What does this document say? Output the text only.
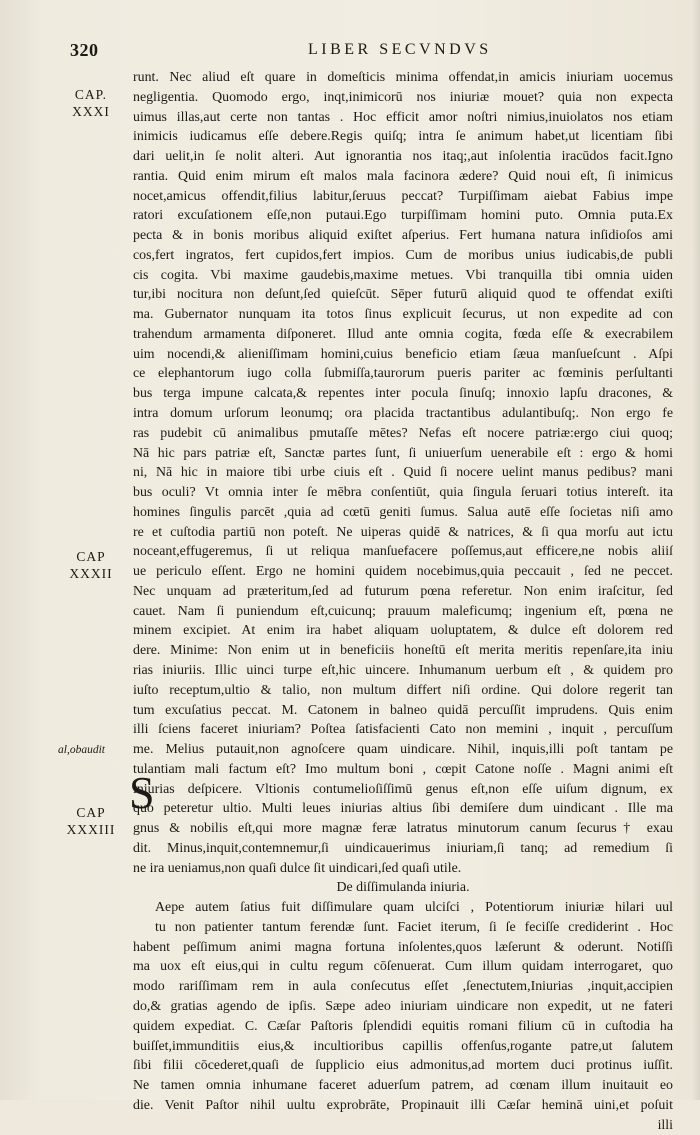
320	LIBER SECVNDVS
CAP.
XXXI
CAP
XXXII
al,obaudit
CAP
XXXIII
runt. Nec aliud eſt quare in domeſticis minima offendat,in amicis iniuriam uocemus
negligentia. Quomodo ergo, inqt,inimicorū nos iniuriæ mouet? quia non expecta
uimus illas,aut certe non tantas . Hoc efficit amor noſtri nimius,inuiolatos nos etiam
inimicis iudicamus eſſe debere.Regis quiſq; intra ſe animum habet,ut licentiam ſibi
dari uelit,in ſe nolit alteri. Aut ignorantia nos itaq;,aut inſolentia iracūdos facit.Igno
rantia. Quid enim mirum eſt malos mala facinora ædere? Quid noui eſt, ſi inimicus
nocet,amicus offendit,filius labitur,ſeruus peccat? Turpiſſimam aiebat Fabius impe
ratori excuſationem eſſe,non putaui.Ego turpiſſimam homini puto. Omnia puta.Ex
pecta & in bonis moribus aliquid exiſtet aſperius. Fert humana natura inſidioſos ami
cos,fert ingratos, fert cupidos,fert impios. Cum de moribus unius iudicabis,de publi
cis cogita. Vbi maxime gaudebis,maxime metues. Vbi tranquilla tibi omnia uiden
tur,ibi nocitura non deſunt,ſed quieſcūt. Sēper futurū aliquid quod te offendat exiſti
ma. Gubernator nunquam ita totos ſinus explicuit ſecurus, ut non expedite ad con
trahendum armamenta diſponeret. Illud ante omnia cogita, fœda eſſe & execrabilem
uim nocendi,& alieniſſimam homini,cuius beneficio etiam ſæua manſueſcunt . Aſpi
ce elephantorum iugo colla ſubmiſſa,taurorum pueris pariter ac fœminis perſultanti
bus terga impune calcata,& repentes inter pocula ſinuſq; innoxio lapſu dracones, &
intra domum urſorum leonumq; ora placida tractantibus adulantibuſq;. Non ergo fe
ras pudebit cū animalibus pmutaſſe mētes? Nefas eſt nocere patriæ:ergo ciui quoq;
Nā hic pars patriæ eſt, Sanctæ partes ſunt, ſi uniuerſum uenerabile eſt : ergo & homi
ni, Nā hic in maiore tibi urbe ciuis eſt . Quid ſi nocere uelint manus pedibus? mani
bus oculi? Vt omnia inter ſe mēbra conſentiūt, quia ſingula ſeruari totius intereſt. ita
homines ſingulis parcēt ,quia ad cœtū geniti ſumus. Salua autē eſſe ſocietas niſi amo
re et cuſtodia partiū non poteſt. Ne uiperas quidē & natrices, & ſi qua morſu aut ictu
noceant,effugeremus, ſi ut reliqua manſuefacere poſſemus,aut efficere,ne nobis aliiſ
ue periculo eſſent. Ergo ne homini quidem nocebimus,quia peccauit , ſed ne peccet.
Nec unquam ad præteritum,ſed ad futurum pœna referetur. Non enim iraſcitur, ſed
cauet. Nam ſi puniendum eſt,cuicunq; prauum maleficumq; ingenium eſt, pœna ne
minem excipiet. At enim ira habet aliquam uoluptatem, & dulce eſt dolorem red
dere. Minime: Non enim ut in beneficiis honeſtū eſt merita meritis repenſare,ita iniu
rias iniuriis. Illic uinci turpe eſt,hic uincere. Inhumanum uerbum eſt , & quidem pro
iuſto receptum,ultio & talio, non multum differt niſi ordine. Qui dolore regerit tan
tum excuſatius peccat. M. Catonem in balneo quidā percuſſit imprudens. Quis enim
illi ſciens faceret iniuriam? Poſtea ſatisfacienti Cato non memini , inquit , percuſſum
me. Melius putauit,non agnoſcere quam uindicare. Nihil, inquis,illi poſt tantam pe
tulantiam mali factum eſt? Imo multum boni , cœpit Catone noſſe . Magni animi eſt
iniurias deſpicere. Vltionis contumelioſiſſimū genus eſt,non eſſe uiſum dignum, ex
quo peteretur ultio. Multi leues iniurias altius ſibi demiſere dum uindicant . Ille ma
gnus & nobilis eſt,qui more magnæ feræ latratus minutorum canum ſecurus† exau
dit. Minus,inquit,contemnemur,ſi uindicauerimus iniuriam,ſi tanq; ad remedium ſi
ne ira ueniamus,non quaſi dulce ſit uindicari,ſed quaſi utile.
De diſſimulanda iniuria.
Aepe autem ſatius fuit diſſimulare quam ulciſci , Potentiorum iniuriæ hilari uul
tu non patienter tantum ferendæ ſunt. Faciet iterum, ſi ſe feciſſe crediderint . Hoc
habent peſſimum animi magna fortuna inſolentes,quos læſerunt & oderunt. Notiſſi
ma uox eſt eius,qui in cultu regum cōſenuerat. Cum illum quidam interrogaret, quo
modo rariſſimam rem in aula conſecutus eſſet ,ſenectutem,Iniurias ,inquit,accipien
do,& gratias agendo de ipſis. Sæpe adeo iniuriam uindicare non expedit, ut ne fateri
quidem expediat. C. Cæſar Paſtoris ſplendidi equitis romani filium cū in cuſtodia ha
buiſſet,immunditiis eius,& incultioribus capillis offenſus,rogante patre,ut ſalutem
ſibi filii cōcederet,quaſi de ſupplicio eius admonitus,ad mortem duci protinus iuſſit.
Ne tamen omnia inhumane faceret aduerſum patrem, ad cœnam illum inuitauit eo
die. Venit Paſtor nihil uultu exprobrāte, Propinauit illi Cæſar heminā uini,et poſuit
illi
S
